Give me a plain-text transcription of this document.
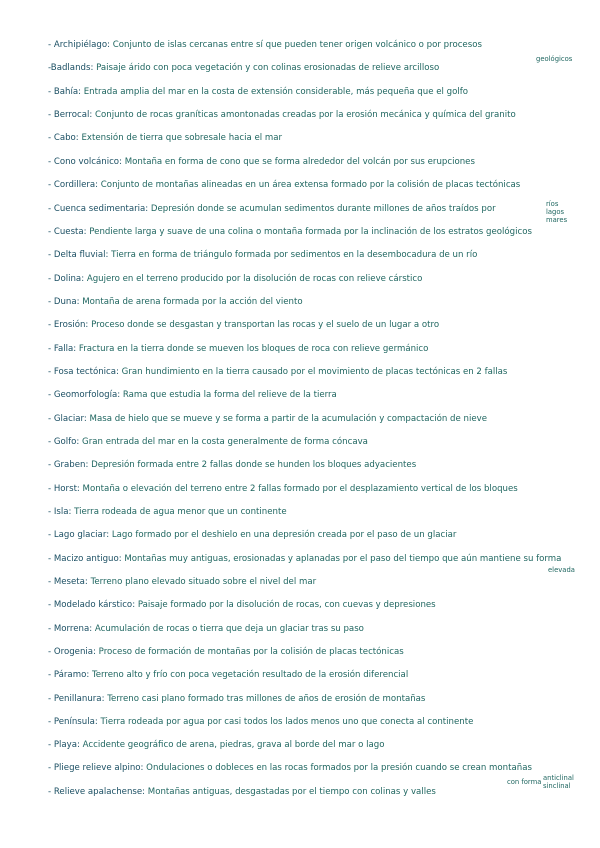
- Archipiélago: Conjunto de islas cercanas entre sí que pueden tener origen volcánico o por procesos
-Badlands: Paisaje árido con poca vegetación y con colinas erosionadas de relieve arcilloso
- Bahía: Entrada amplia del mar en la costa de extensión considerable, más pequeña que el golfo
- Berrocal: Conjunto de rocas graníticas amontonadas creadas por la erosión mecánica y química del granito
- Cabo: Extensión de tierra que sobresale hacia el mar
- Cono volcánico: Montaña en forma de cono que se forma alrededor del volcán por sus erupciones
- Cordillera: Conjunto de montañas alineadas en un área extensa formado por la colisión de placas tectónicas
- Cuenca sedimentaria: Depresión donde se acumulan sedimentos durante millones de años traídos por
- Cuesta: Pendiente larga y suave de una colina o montaña formada por la inclinación de los estratos geológicos
- Delta fluvial: Tierra en forma de triángulo formada por sedimentos en la desembocadura de un río
- Dolina: Agujero en el terreno producido por la disolución de rocas con relieve cárstico
- Duna: Montaña de arena formada por la acción del viento
- Erosión: Proceso donde se desgastan y transportan las rocas y el suelo de un lugar a otro
- Falla: Fractura en la tierra donde se mueven los bloques de roca con relieve germánico
- Fosa tectónica: Gran hundimiento en la tierra causado por el movimiento de placas tectónicas en 2 fallas
- Geomorfología: Rama que estudia la forma del relieve de la tierra
- Glaciar: Masa de hielo que se mueve y se forma a partir de la acumulación y compactación de nieve
- Golfo: Gran entrada del mar en la costa generalmente de forma cóncava
- Graben: Depresión formada entre 2 fallas donde se hunden los bloques adyacientes
- Horst: Montaña o elevación del terreno entre 2 fallas formado por el desplazamiento vertical de los bloques
- Isla: Tierra rodeada de agua menor que un continente
- Lago glaciar: Lago formado por el deshielo en una depresión creada por el paso de un glaciar
- Macizo antiguo: Montañas muy antiguas, erosionadas y aplanadas por el paso del tiempo que aún mantiene su forma
- Meseta: Terreno plano elevado situado sobre el nivel del mar
- Modelado kárstico: Paisaje formado por la disolución de rocas, con cuevas y depresiones
- Morrena: Acumulación de rocas o tierra que deja un glaciar tras su paso
- Orogenia: Proceso de formación de montañas por la colisión de placas tectónicas
- Páramo: Terreno alto y frío con poca vegetación resultado de la erosión diferencial
- Penillanura: Terreno casi plano formado tras millones de años de erosión de montañas
- Península: Tierra rodeada por agua por casi todos los lados menos uno que conecta al continente
- Playa: Accidente geográfico de arena, piedras, grava al borde del mar o lago
- Pliege relieve alpino: Ondulaciones o dobleces en las rocas formados por la presión cuando se crean montañas
- Relieve apalachense: Montañas antiguas, desgastadas por el tiempo con colinas y valles
geológicos
ríos
lagos
mares
elevada
con forma anticlinal
sinclinal
